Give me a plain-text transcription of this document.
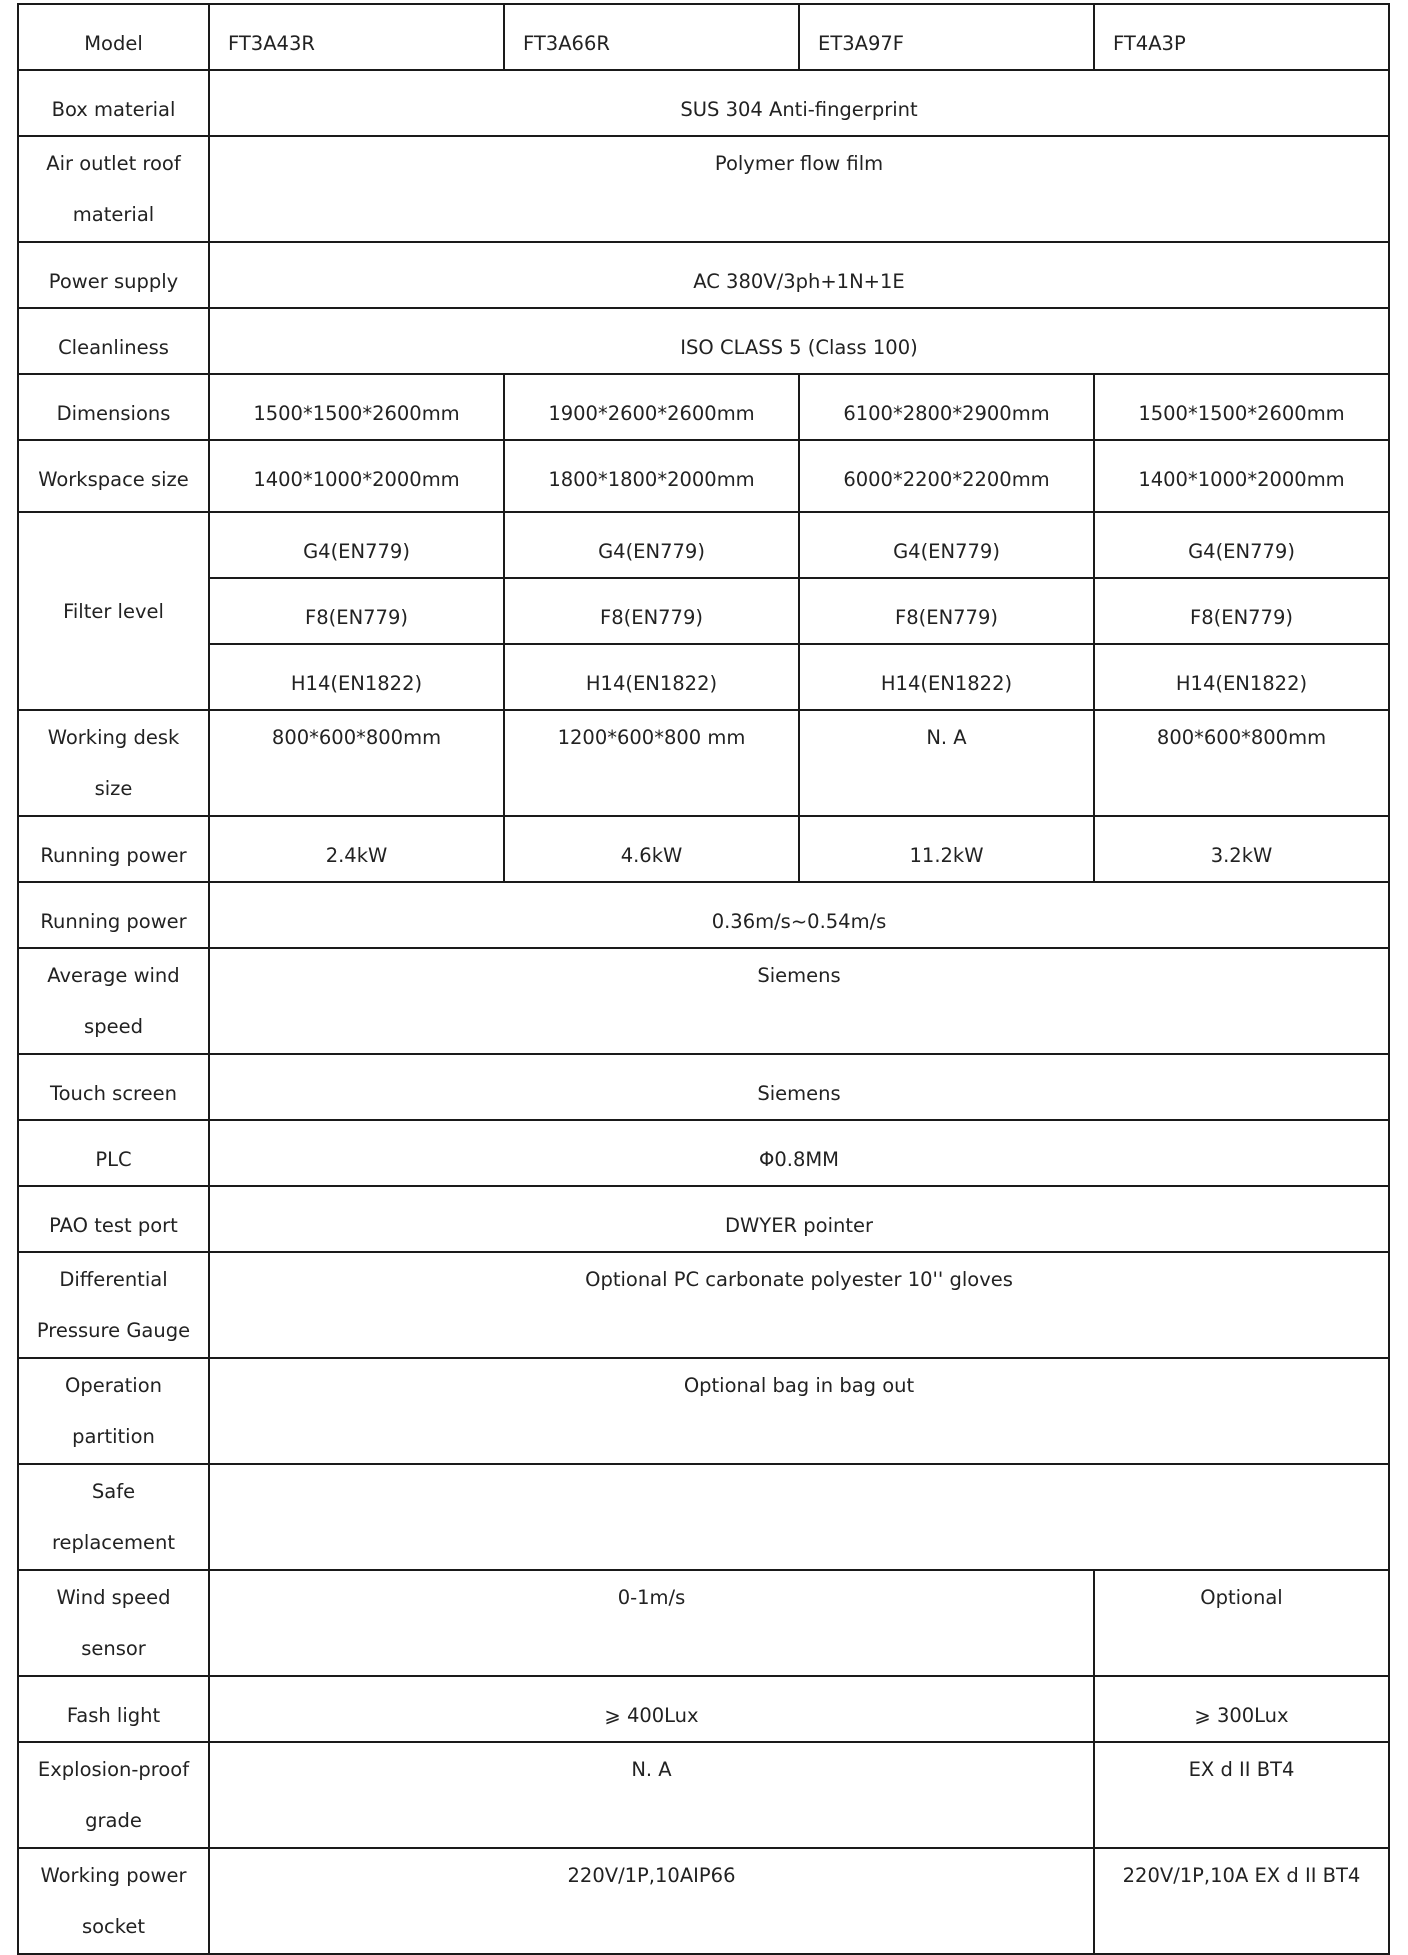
Model	FT3A43R	FT3A66R	ET3A97F	FT4A3P
Box material	SUS 304 Anti-fingerprint			

Air outlet roof
material	Polymer flow film			

Power supply	AC 380V/3ph+1N+1E			
Cleanliness	ISO CLASS 5 (Class 100)			
Dimensions	1500*1500*2600mm	1900*2600*2600mm	6100*2800*2900mm	1500*1500*2600mm
Workspace size	1400*1000*2000mm	1800*1800*2000mm	6000*2200*2200mm	1400*1000*2000mm
Filter level	G4(EN779)	G4(EN779)	G4(EN779)	G4(EN779)
	F8(EN779)	F8(EN779)	F8(EN779)	F8(EN779)
	H14(EN1822)	H14(EN1822)	H14(EN1822)	H14(EN1822)

Working desk
size	800*600*800mm	1200*600*800 mm	N. A	800*600*800mm

Running power	2.4kW	4.6kW	11.2kW	3.2kW
Running power	0.36m/s~0.54m/s			

Average wind
speed	Siemens			

Touch screen	Siemens			
PLC	Φ0.8MM			
PAO test port	DWYER pointer			

Differential
Pressure Gauge	Optional PC carbonate polyester 10'' gloves			

Operation
partition	Optional bag in bag out			

Safe
replacement				

Wind speed
sensor	0-1m/s			Optional

Fash light	⩾ 400Lux			⩾ 300Lux

Explosion-proof
grade	N. A			EX d II BT4

Working power
socket	220V/1P,10AIP66			220V/1P,10A EX d II BT4
